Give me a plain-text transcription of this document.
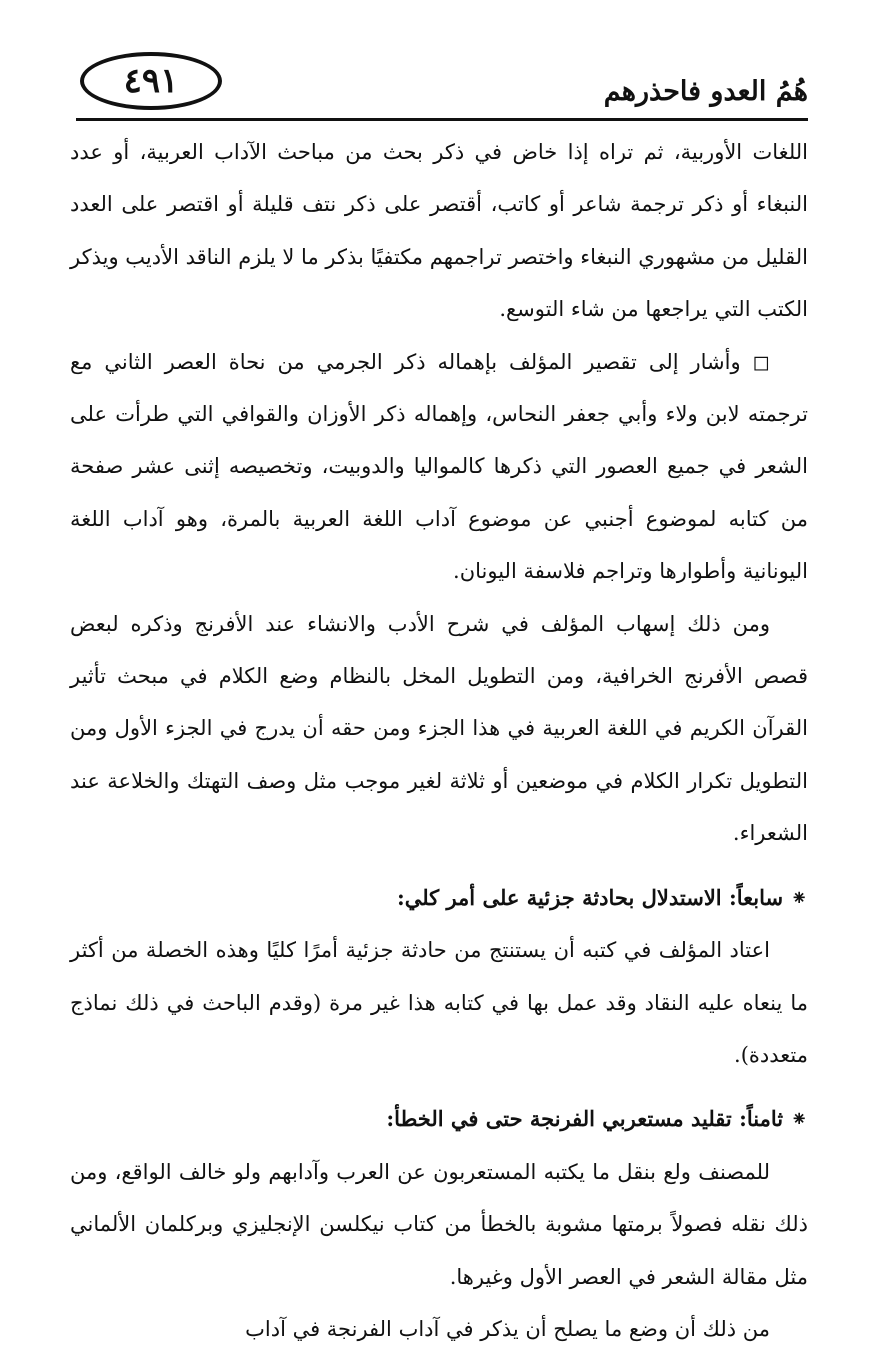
٤٩١	هُمُ العدو فاحذرهم

اللغات الأوربية، ثم تراه إذا خاض في ذكر بحث من مباحث الآداب العربية، أو عدد النبغاء أو ذكر ترجمة شاعر أو كاتب، أقتصر على ذكر نتف قليلة أو اقتصر على العدد القليل من مشهوري النبغاء واختصر تراجمهم مكتفيًا بذكر ما لا يلزم الناقد الأديب ويذكر الكتب التي يراجعها من شاء التوسع.

◻ وأشار إلى تقصير المؤلف بإهماله ذكر الجرمي من نحاة العصر الثاني مع ترجمته لابن ولاء وأبي جعفر النحاس، وإهماله ذكر الأوزان والقوافي التي طرأت على الشعر في جميع العصور التي ذكرها كالمواليا والدوبيت، وتخصيصه إثنى عشر صفحة من كتابه لموضوع أجنبي عن موضوع آداب اللغة العربية بالمرة، وهو آداب اللغة اليونانية وأطوارها وتراجم فلاسفة اليونان.

ومن ذلك إسهاب المؤلف في شرح الأدب والانشاء عند الأفرنج وذكره لبعض قصص الأفرنج الخرافية، ومن التطويل المخل بالنظام وضع الكلام في مبحث تأثير القرآن الكريم في اللغة العربية في هذا الجزء ومن حقه أن يدرج في الجزء الأول ومن التطويل تكرار الكلام في موضعين أو ثلاثة لغير موجب مثل وصف التهتك والخلاعة عند الشعراء.

⁕ سابعاً: الاستدلال بحادثة جزئية على أمر كلي:

اعتاد المؤلف في كتبه أن يستنتج من حادثة جزئية أمرًا كليًا وهذه الخصلة من أكثر ما ينعاه عليه النقاد وقد عمل بها في كتابه هذا غير مرة (وقدم الباحث في ذلك نماذج متعددة).

⁕ ثامناً: تقليد مستعربي الفرنجة حتى في الخطأ:

للمصنف ولع بنقل ما يكتبه المستعربون عن العرب وآدابهم ولو خالف الواقع، ومن ذلك نقله فصولاً برمتها مشوبة بالخطأ من كتاب نيكلسن الإنجليزي وبركلمان الألماني مثل مقالة الشعر في العصر الأول وغيرها.

من ذلك أن وضع ما يصلح أن يذكر في آداب الفرنجة في آداب
